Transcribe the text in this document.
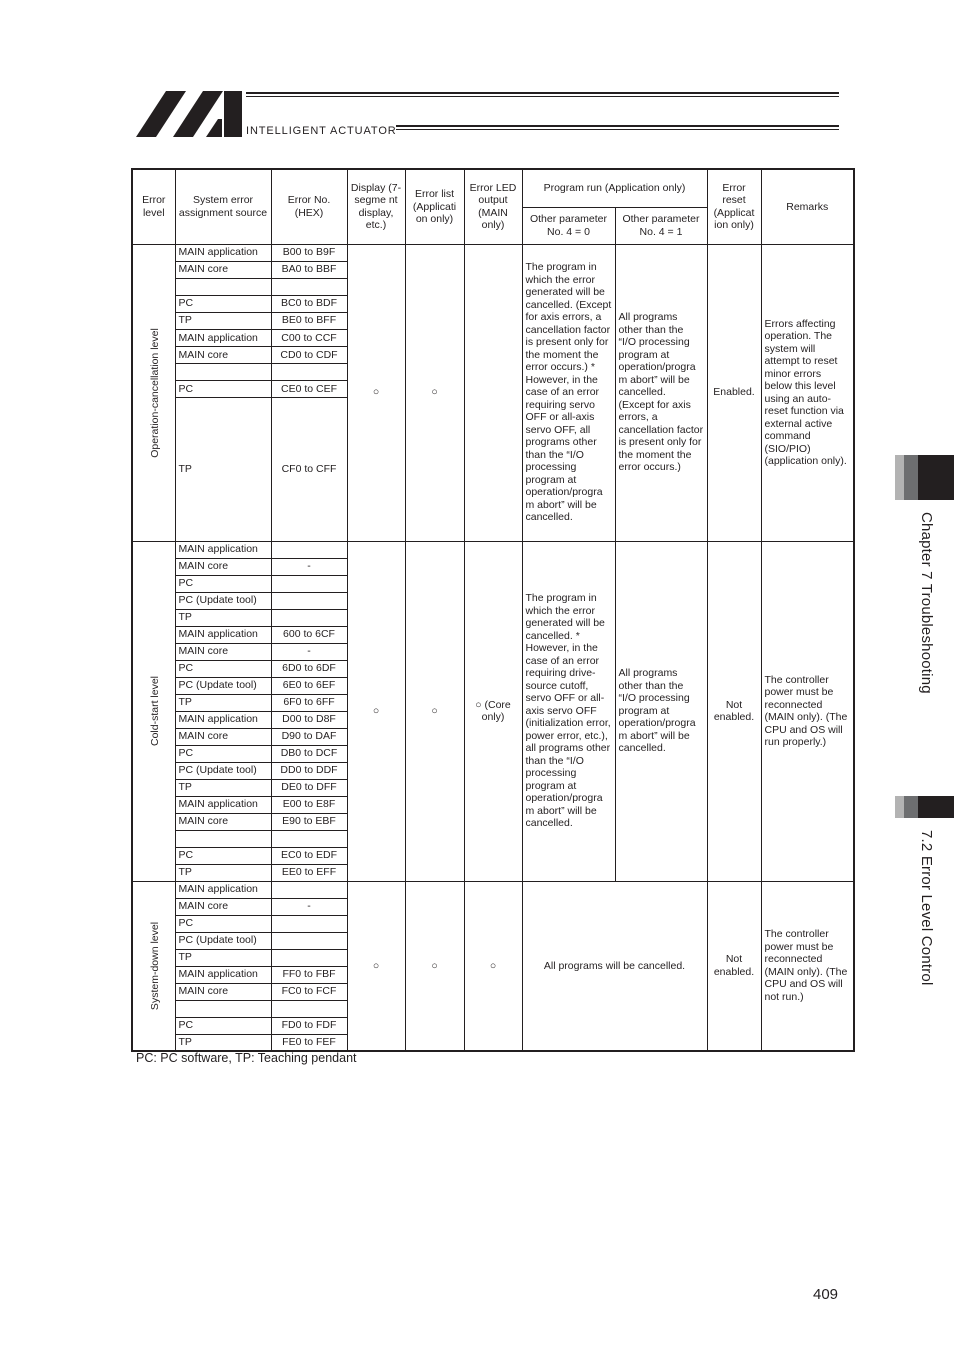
INTELLIGENT ACTUATOR
Error level	System error assignment source	Error No. (HEX)	Display (7-segme nt display, etc.)	Error list (Applicati on only)	Error LED output (MAIN only)	Program run (Application only)		Error reset (Applicat ion only)	Remarks
						Other parameter No. 4 = 0	Other parameter No. 4 = 1		

Operation-cancellation level	MAIN application	B00 to B9F	○	○		The program in which the error generated will be cancelled. (Except for axis errors, a cancellation factor is present only for the moment the error occurs.) * However, in the case of an error requiring servo OFF or all-axis servo OFF, all programs other than the “I/O processing program at operation/progra m abort” will be cancelled.	All programs other than the “I/O processing program at operation/progra m abort” will be cancelled. (Except for axis errors, a cancellation factor is present only for the moment the error occurs.)	Enabled.	Errors affecting operation. The system will attempt to reset minor errors below this level using an auto-reset function via external active command (SIO/PIO) (application only).
	MAIN core	BA0 to BBF							

	PC	BC0 to BDF							
	TP	BE0 to BFF							
	MAIN application	C00 to CCF							
	MAIN core	CD0 to CDF							

	PC	CE0 to CEF							
	TP	CF0 to CFF							

Cold-start level	MAIN application		○	○	○ (Core only)	The program in which the error generated will be cancelled. * However, in the case of an error requiring drive-source cutoff, servo OFF or all-axis servo OFF (initialization error, power error, etc.), all programs other than the “I/O processing program at operation/progra m abort” will be cancelled.	All programs other than the “I/O processing program at operation/progra m abort” will be cancelled.	Not enabled.	The controller power must be reconnected (MAIN only). (The CPU and OS will run properly.)
	MAIN core	-							
	PC								
	PC (Update tool)								
	TP								
	MAIN application	600 to 6CF							
	MAIN core	-							
	PC	6D0 to 6DF							
	PC (Update tool)	6E0 to 6EF							
	TP	6F0 to 6FF							
	MAIN application	D00 to D8F							
	MAIN core	D90 to DAF							
	PC	DB0 to DCF							
	PC (Update tool)	DD0 to DDF							
	TP	DE0 to DFF							
	MAIN application	E00 to E8F							
	MAIN core	E90 to EBF							

	PC	EC0 to EDF							
	TP	EE0 to EFF							

System-down level	MAIN application		○	○	○	All programs will be cancelled.		Not enabled.	The controller power must be reconnected (MAIN only). (The CPU and OS will not run.)
	MAIN core	-							
	PC								
	PC (Update tool)								
	TP								
	MAIN application	FF0 to FBF							
	MAIN core	FC0 to FCF							

	PC	FD0 to FDF							
	TP	FE0 to FEF							
PC: PC software, TP: Teaching pendant
Chapter 7 Troubleshooting
7.2 Error Level Control
409
